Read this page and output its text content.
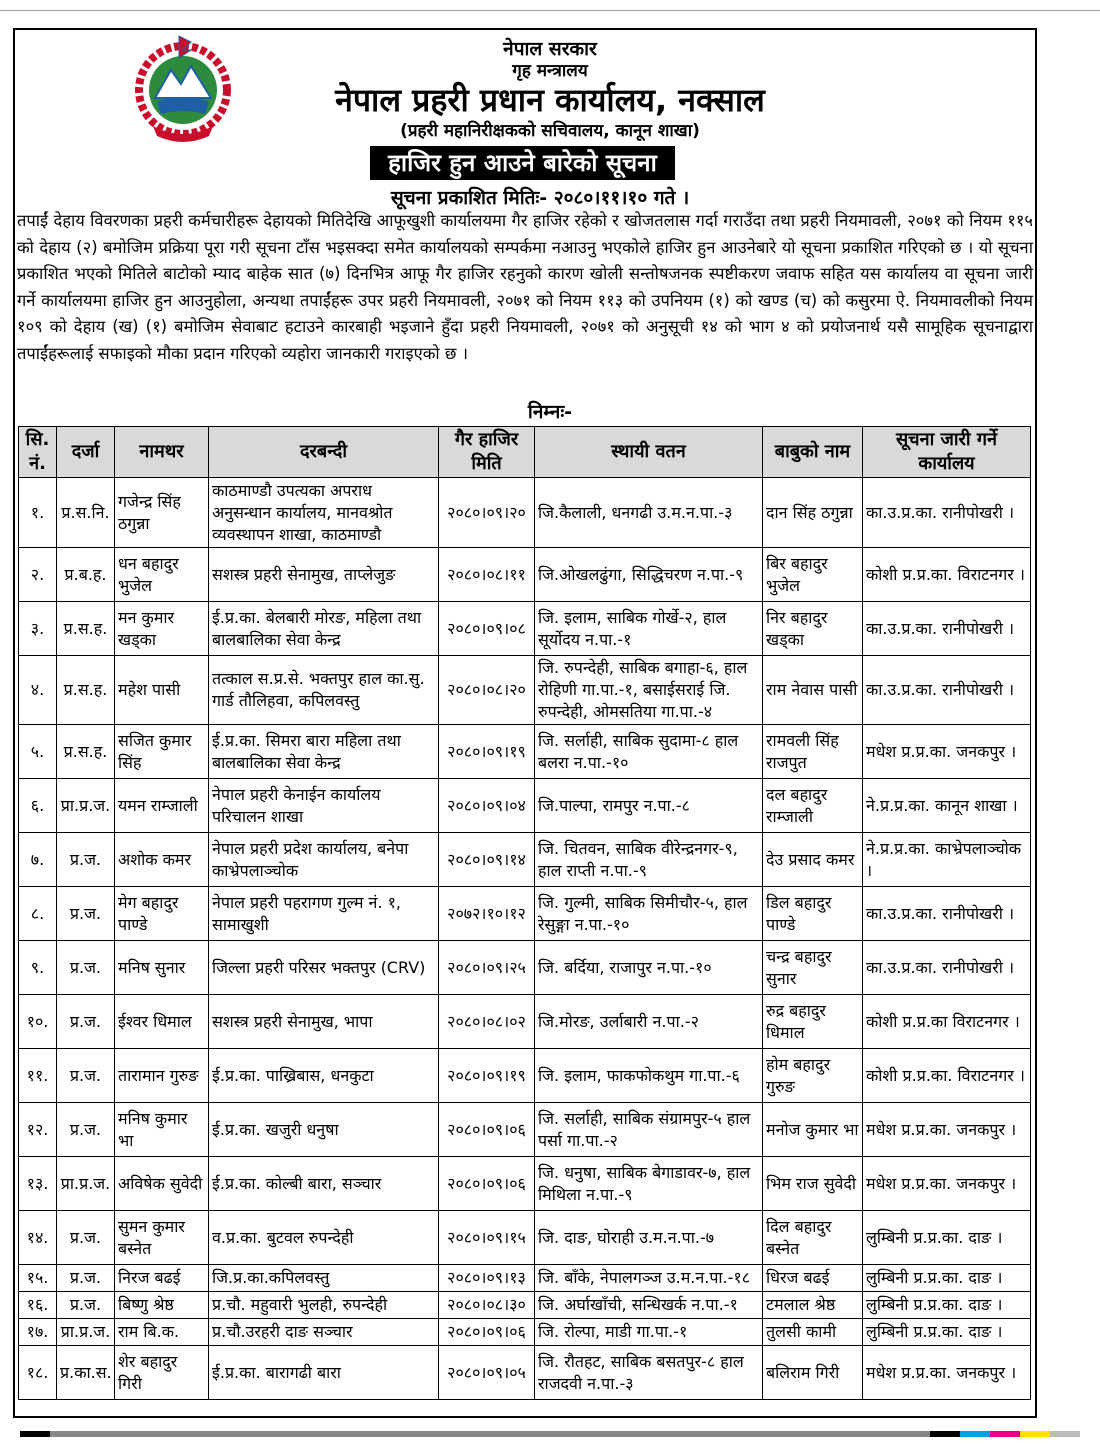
नेपाल सरकार
गृह मन्त्रालय
नेपाल प्रहरी प्रधान कार्यालय, नक्साल
(प्रहरी महानिरीक्षकको सचिवालय, कानून शाखा)
हाजिर हुन आउने बारेको सूचना
सूचना प्रकाशित मितिः- २०८०।११।१० गते ।
तपाईं देहाय विवरणका प्रहरी कर्मचारीहरू देहायको मितिदेखि आफूखुशी कार्यालयमा गैर हाजिर रहेको र खोजतलास गर्दा गराउँदा तथा प्रहरी नियमावली, २०७१ को नियम ११५ को देहाय (२) बमोजिम प्रक्रिया पूरा गरी सूचना टाँस भइसक्दा समेत कार्यालयको सम्पर्कमा नआउनु भएकोले हाजिर हुन आउनेबारे यो सूचना प्रकाशित गरिएको छ । यो सूचना प्रकाशित भएको मितिले बाटोको म्याद बाहेक सात (७) दिनभित्र आफू गैर हाजिर रहनुको कारण खोली सन्तोषजनक स्पष्टीकरण जवाफ सहित यस कार्यालय वा सूचना जारी गर्ने कार्यालयमा हाजिर हुन आउनुहोला, अन्यथा तपाईंहरू उपर प्रहरी नियमावली, २०७१ को नियम ११३ को उपनियम (१) को खण्ड (च) को कसुरमा ऐ. नियमावलीको नियम १०९ को देहाय (ख) (१) बमोजिम सेवाबाट हटाउने कारबाही भइजाने हुँदा प्रहरी नियमावली, २०७१ को अनुसूची १४ को भाग ४ को प्रयोजनार्थ यसै सामूहिक सूचनाद्वारा तपाईंहरूलाई सफाइको मौका प्रदान गरिएको व्यहोरा जानकारी गराइएको छ ।
निम्नः-
सि. नं.	दर्जा	नामथर	दरबन्दी	गैर हाजिर मिति	स्थायी वतन	बाबुको नाम	सूचना जारी गर्ने कार्यालय
१.	प्र.स.नि.	गजेन्द्र सिंह ठगुन्ना	काठमाण्डौ उपत्यका अपराध अनुसन्धान कार्यालय, मानवश्रोत व्यवस्थापन शाखा, काठमाण्डौ	२०८०।०९।२०	जि.कैलाली, धनगढी उ.म.न.पा.-३	दान सिंह ठगुन्ना	का.उ.प्र.का. रानीपोखरी ।
२.	प्र.ब.ह.	धन बहादुर भुजेल	सशस्त्र प्रहरी सेनामुख, ताप्लेजुङ	२०८०।०८।११	जि.ओखलढुंगा, सिद्धिचरण न.पा.-९	बिर बहादुर भुजेल	कोशी प्र.प्र.का. विराटनगर ।
३.	प्र.स.ह.	मन कुमार खड्का	ई.प्र.का. बेलबारी मोरङ, महिला तथा बालबालिका सेवा केन्द्र	२०८०।०९।०८	जि. इलाम, साबिक गोर्खे-२, हाल सूर्योदय न.पा.-१	निर बहादुर खड्का	का.उ.प्र.का. रानीपोखरी ।
४.	प्र.स.ह.	महेश पासी	तत्काल स.प्र.से. भक्तपुर हाल का.सु. गार्ड तौलिहवा, कपिलवस्तु	२०८०।०८।२०	जि. रुपन्देही, साबिक बगाहा-६, हाल रोहिणी गा.पा.-१, बसाईसराई जि. रुपन्देही, ओमसतिया गा.पा.-४	राम नेवास पासी	का.उ.प्र.का. रानीपोखरी ।
५.	प्र.स.ह.	सजित कुमार सिंह	ई.प्र.का. सिमरा बारा महिला तथा बालबालिका सेवा केन्द्र	२०८०।०९।१९	जि. सर्लाही, साबिक सुदामा-८ हाल बलरा न.पा.-१०	रामवली सिंह राजपुत	मधेश प्र.प्र.का. जनकपुर ।
६.	प्रा.प्र.ज.	यमन राम्जाली	नेपाल प्रहरी केनाईन कार्यालय परिचालन शाखा	२०८०।०९।०४	जि.पाल्पा, रामपुर न.पा.-८	दल बहादुर राम्जाली	ने.प्र.प्र.का. कानून शाखा ।
७.	प्र.ज.	अशोक कमर	नेपाल प्रहरी प्रदेश कार्यालय, बनेपा काभ्रेपलाञ्चोक	२०८०।०९।१४	जि. चितवन, साबिक वीरेन्द्रनगर-९, हाल राप्ती न.पा.-९	देउ प्रसाद कमर	ने.प्र.प्र.का. काभ्रेपलाञ्चोक ।
८.	प्र.ज.	मेग बहादुर पाण्डे	नेपाल प्रहरी पहरागण गुल्म नं. १, सामाखुशी	२०७२।१०।१२	जि. गुल्मी, साबिक सिमीचौर-५, हाल रेसुङ्गा न.पा.-१०	डिल बहादुर पाण्डे	का.उ.प्र.का. रानीपोखरी ।
९.	प्र.ज.	मनिष सुनार	जिल्ला प्रहरी परिसर भक्तपुर (CRV)	२०८०।०९।२५	जि. बर्दिया, राजापुर न.पा.-१०	चन्द्र बहादुर सुनार	का.उ.प्र.का. रानीपोखरी ।
१०.	प्र.ज.	ईश्वर धिमाल	सशस्त्र प्रहरी सेनामुख, भापा	२०८०।०८।०२	जि.मोरङ, उर्लाबारी न.पा.-२	रुद्र बहादुर धिमाल	कोशी प्र.प्र.का विराटनगर ।
११.	प्र.ज.	तारामान गुरुङ	ई.प्र.का. पाख्रिबास, धनकुटा	२०८०।०९।१९	जि. इलाम, फाकफोकथुम गा.पा.-६	होम बहादुर गुरुङ	कोशी प्र.प्र.का. विराटनगर ।
१२.	प्र.ज.	मनिष कुमार भा	ई.प्र.का. खजुरी धनुषा	२०८०।०९।०६	जि. सर्लाही, साबिक संग्रामपुर-५ हाल पर्सा गा.पा.-२	मनोज कुमार भा	मधेश प्र.प्र.का. जनकपुर ।
१३.	प्रा.प्र.ज.	अविषेक सुवेदी	ई.प्र.का. कोल्बी बारा, सञ्चार	२०८०।०९।०६	जि. धनुषा, साबिक बेगाडावर-७, हाल मिथिला न.पा.-९	भिम राज सुवेदी	मधेश प्र.प्र.का. जनकपुर ।
१४.	प्र.ज.	सुमन कुमार बस्नेत	व.प्र.का. बुटवल रुपन्देही	२०८०।०९।१५	जि. दाङ, घोराही उ.म.न.पा.-७	दिल बहादुर बस्नेत	लुम्बिनी प्र.प्र.का. दाङ ।
१५.	प्र.ज.	निरज बढई	जि.प्र.का.कपिलवस्तु	२०८०।०९।१३	जि. बाँके, नेपालगञ्ज उ.म.न.पा.-१८	धिरज बढई	लुम्बिनी प्र.प्र.का. दाङ ।
१६.	प्र.ज.	बिष्णु श्रेष्ठ	प्र.चौ. महुवारी भुलही, रुपन्देही	२०८०।०८।३०	जि. अर्घाखाँची, सन्धिखर्क न.पा.-१	टमलाल श्रेष्ठ	लुम्बिनी प्र.प्र.का. दाङ ।
१७.	प्रा.प्र.ज.	राम बि.क.	प्र.चौ.उरहरी दाङ सञ्चार	२०८०।०९।०६	जि. रोल्पा, माडी गा.पा.-१	तुलसी कामी	लुम्बिनी प्र.प्र.का. दाङ ।
१८.	प्र.का.स.	शेर बहादुर गिरी	ई.प्र.का. बारागढी बारा	२०८०।०९।०५	जि. रौतहट, साबिक बसतपुर-८ हाल राजदवी न.पा.-३	बलिराम गिरी	मधेश प्र.प्र.का. जनकपुर ।
